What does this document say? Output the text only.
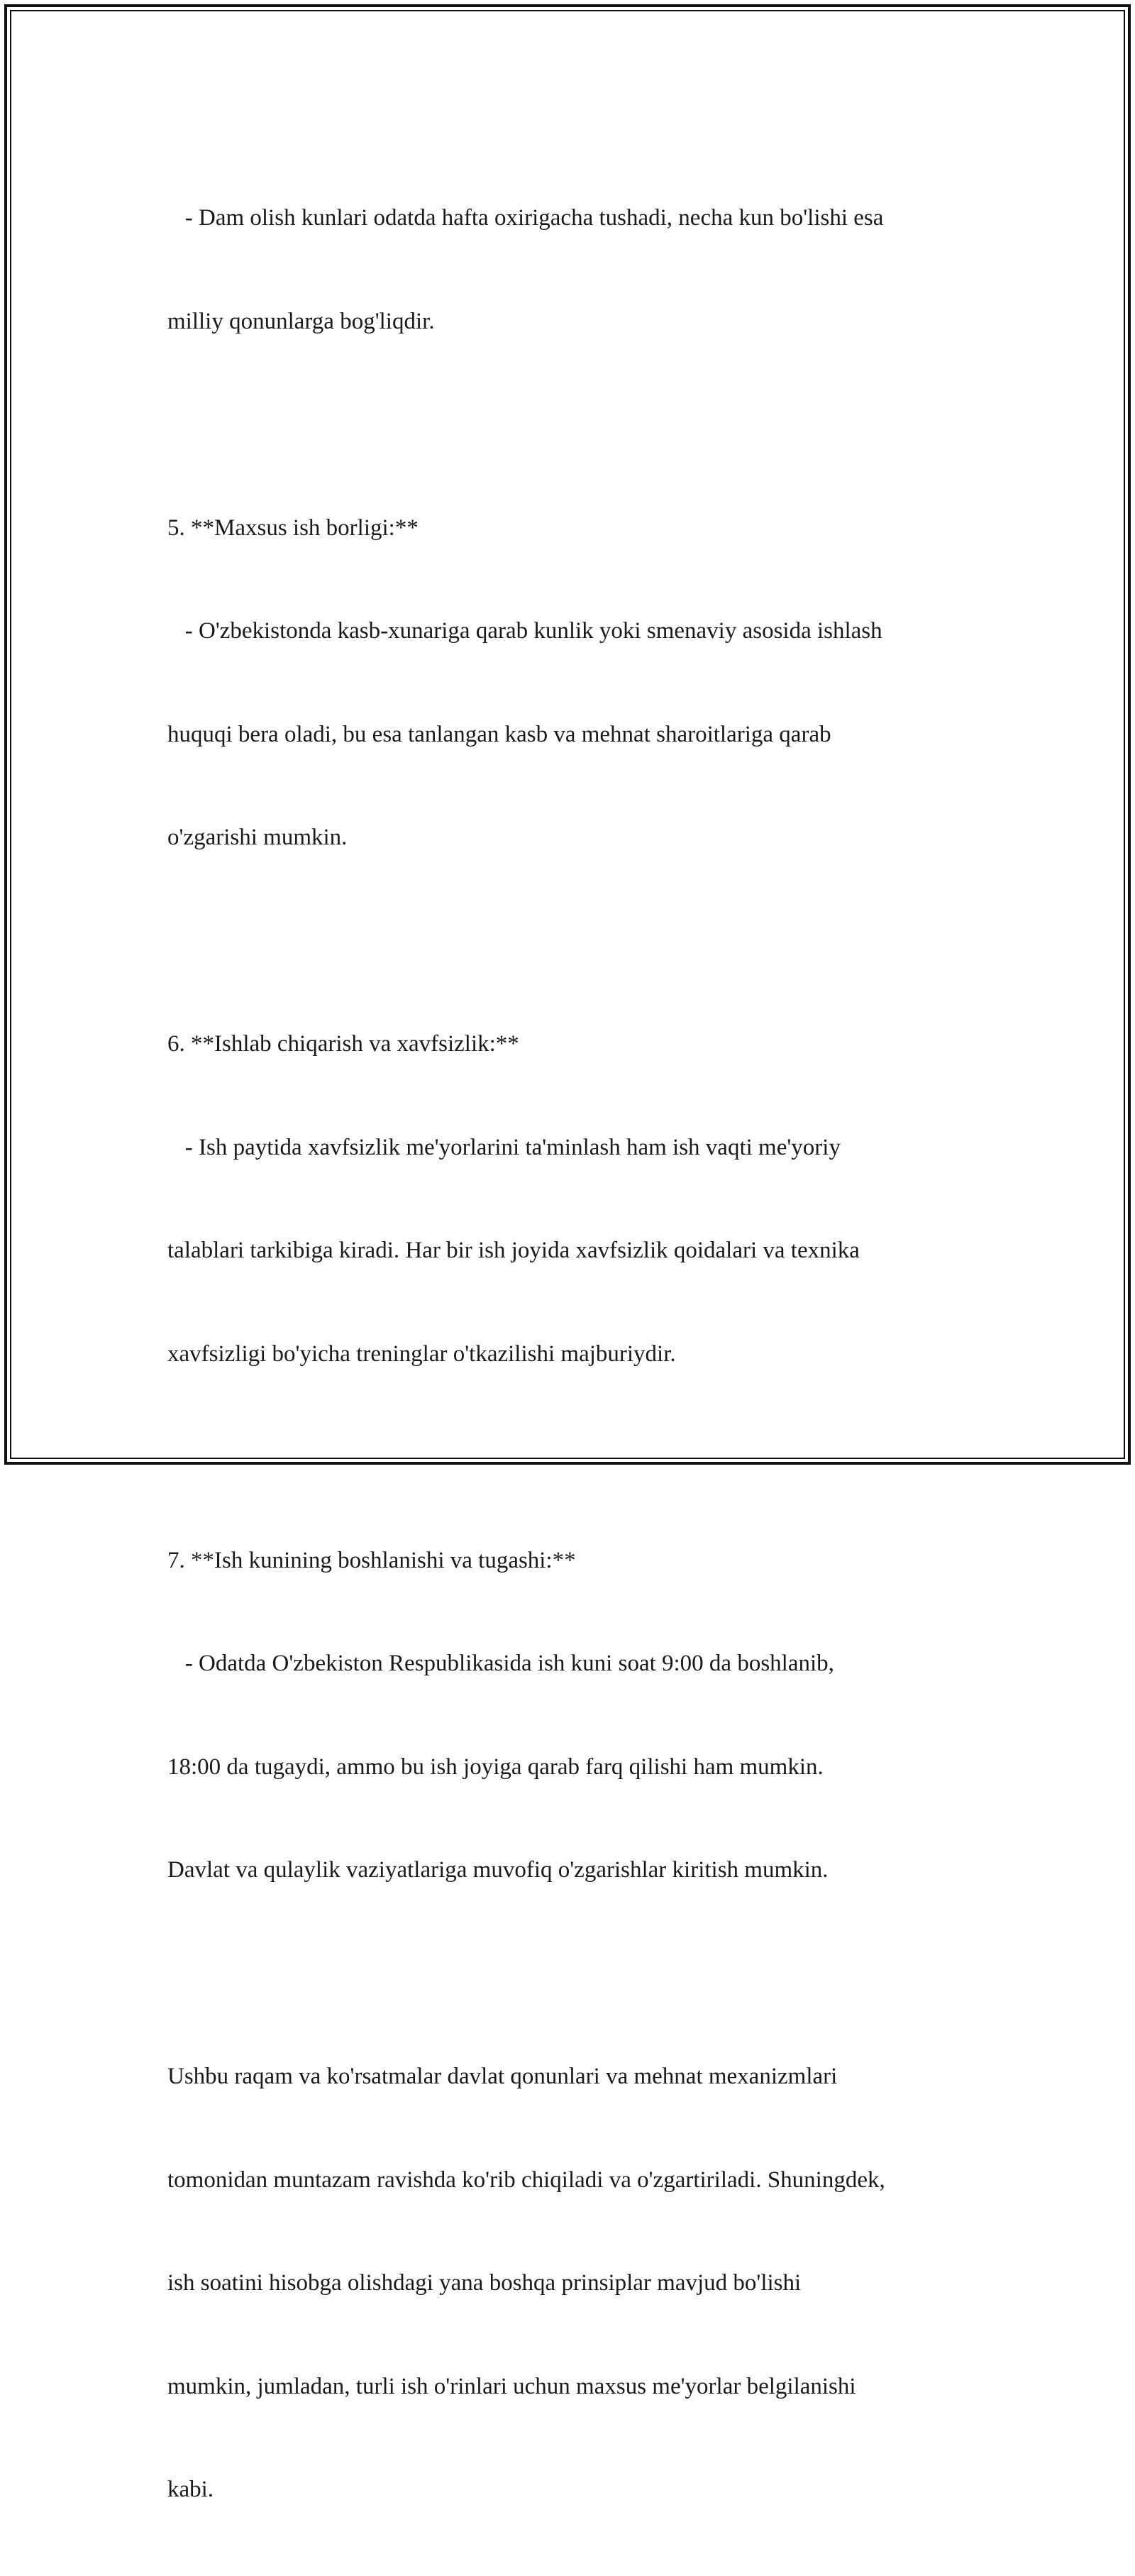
- Dam olish kunlari odatda hafta oxirigacha tushadi, necha kun bo'lishi esa

milliy qonunlarga bog'liqdir.

5. **Maxsus ish borligi:**

- O'zbekistonda kasb-xunariga qarab kunlik yoki smenaviy asosida ishlash

huquqi bera oladi, bu esa tanlangan kasb va mehnat sharoitlariga qarab

o'zgarishi mumkin.

6. **Ishlab chiqarish va xavfsizlik:**

- Ish paytida xavfsizlik me'yorlarini ta'minlash ham ish vaqti me'yoriy

talablari tarkibiga kiradi. Har bir ish joyida xavfsizlik qoidalari va texnika

xavfsizligi bo'yicha treninglar o'tkazilishi majburiydir.

7. **Ish kunining boshlanishi va tugashi:**

- Odatda O'zbekiston Respublikasida ish kuni soat 9:00 da boshlanib,

18:00 da tugaydi, ammo bu ish joyiga qarab farq qilishi ham mumkin.

Davlat va qulaylik vaziyatlariga muvofiq o'zgarishlar kiritish mumkin.

Ushbu raqam va ko'rsatmalar davlat qonunlari va mehnat mexanizmlari

tomonidan muntazam ravishda ko'rib chiqiladi va o'zgartiriladi. Shuningdek,

ish soatini hisobga olishdagi yana boshqa prinsiplar mavjud bo'lishi

mumkin, jumladan, turli ish o'rinlari uchun maxsus me'yorlar belgilanishi

kabi.
